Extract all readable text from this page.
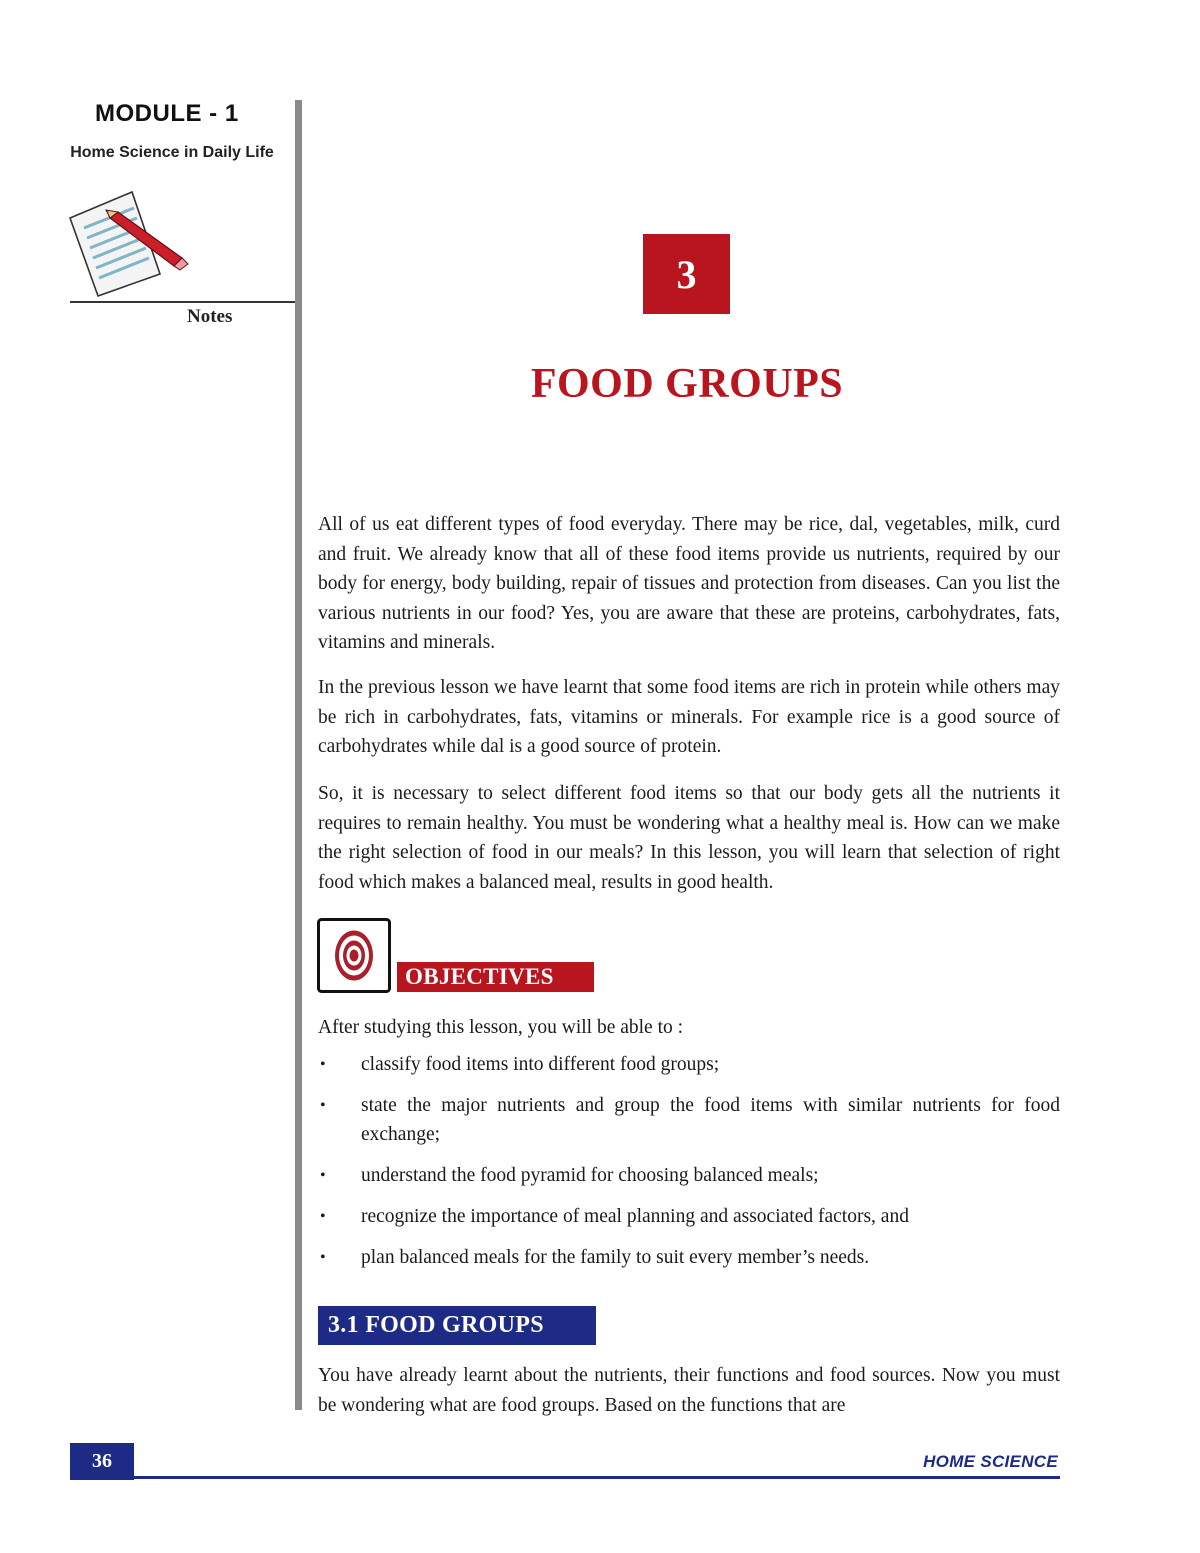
MODULE - 1
Home Science in Daily Life
Notes
3
FOOD GROUPS

All of us eat different types of food everyday. There may be rice, dal, vegetables, milk, curd and fruit. We already know that all of these food items provide us nutrients, required by our body for energy, body building, repair of tissues and protection from diseases. Can you list the various nutrients in our food? Yes, you are aware that these are proteins, carbohydrates, fats, vitamins and minerals.

In the previous lesson we have learnt that some food items are rich in protein while others may be rich in carbohydrates, fats, vitamins or minerals. For example rice is a good source of carbohydrates while dal is a good source of protein.

So, it is necessary to select different food items so that our body gets all the nutrients it requires to remain healthy. You must be wondering what a healthy meal is. How can we make the right selection of food in our meals? In this lesson, you will learn that selection of right food which makes a balanced meal, results in good health.

OBJECTIVES

After studying this lesson, you will be able to :

• classify food items into different food groups;
• state the major nutrients and group the food items with similar nutrients for food exchange;
• understand the food pyramid for choosing balanced meals;
• recognize the importance of meal planning and associated factors, and
• plan balanced meals for the family to suit every member’s needs.
3.1 FOOD GROUPS

You have already learnt about the nutrients, their functions and food sources. Now you must be wondering what are food groups. Based on the functions that are

36	HOME SCIENCE
